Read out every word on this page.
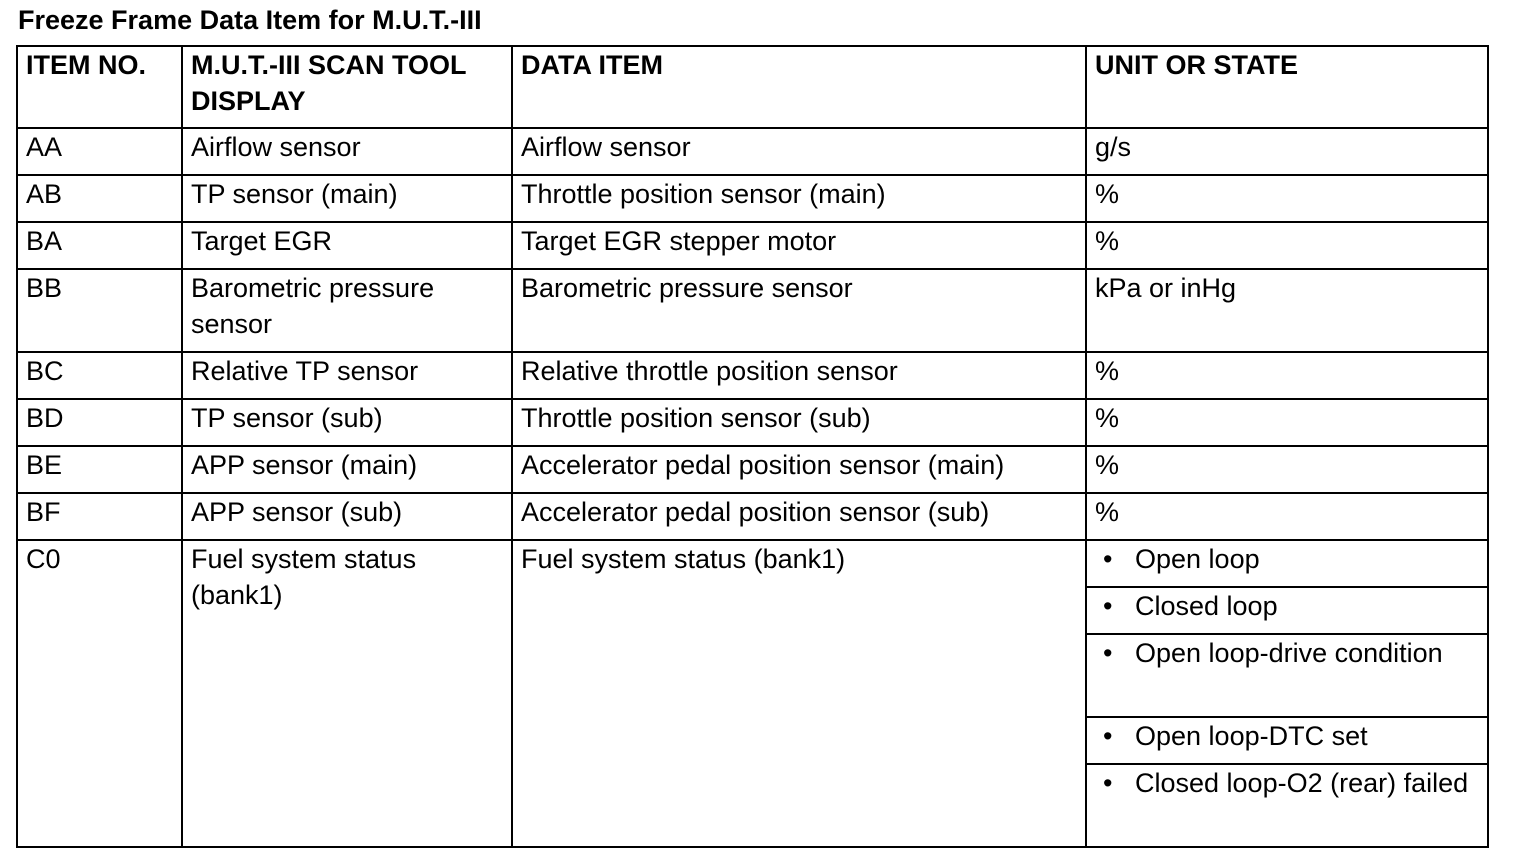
Freeze Frame Data Item for M.U.T.-III
ITEM NO.	M.U.T.-III SCAN TOOL DISPLAY	DATA ITEM	UNIT OR STATE
AA	Airflow sensor	Airflow sensor	g/s
AB	TP sensor (main)	Throttle position sensor (main)	%
BA	Target EGR	Target EGR stepper motor	%
BB	Barometric pressure sensor	Barometric pressure sensor	kPa or inHg
BC	Relative TP sensor	Relative throttle position sensor	%
BD	TP sensor (sub)	Throttle position sensor (sub)	%
BE	APP sensor (main)	Accelerator pedal position sensor (main)	%
BF	APP sensor (sub)	Accelerator pedal position sensor (sub)	%
C0	Fuel system status (bank1)	Fuel system status (bank1)	• Open loop
			• Closed loop
			• Open loop-drive condition
			• Open loop-DTC set
			• Closed loop-O2 (rear) failed
